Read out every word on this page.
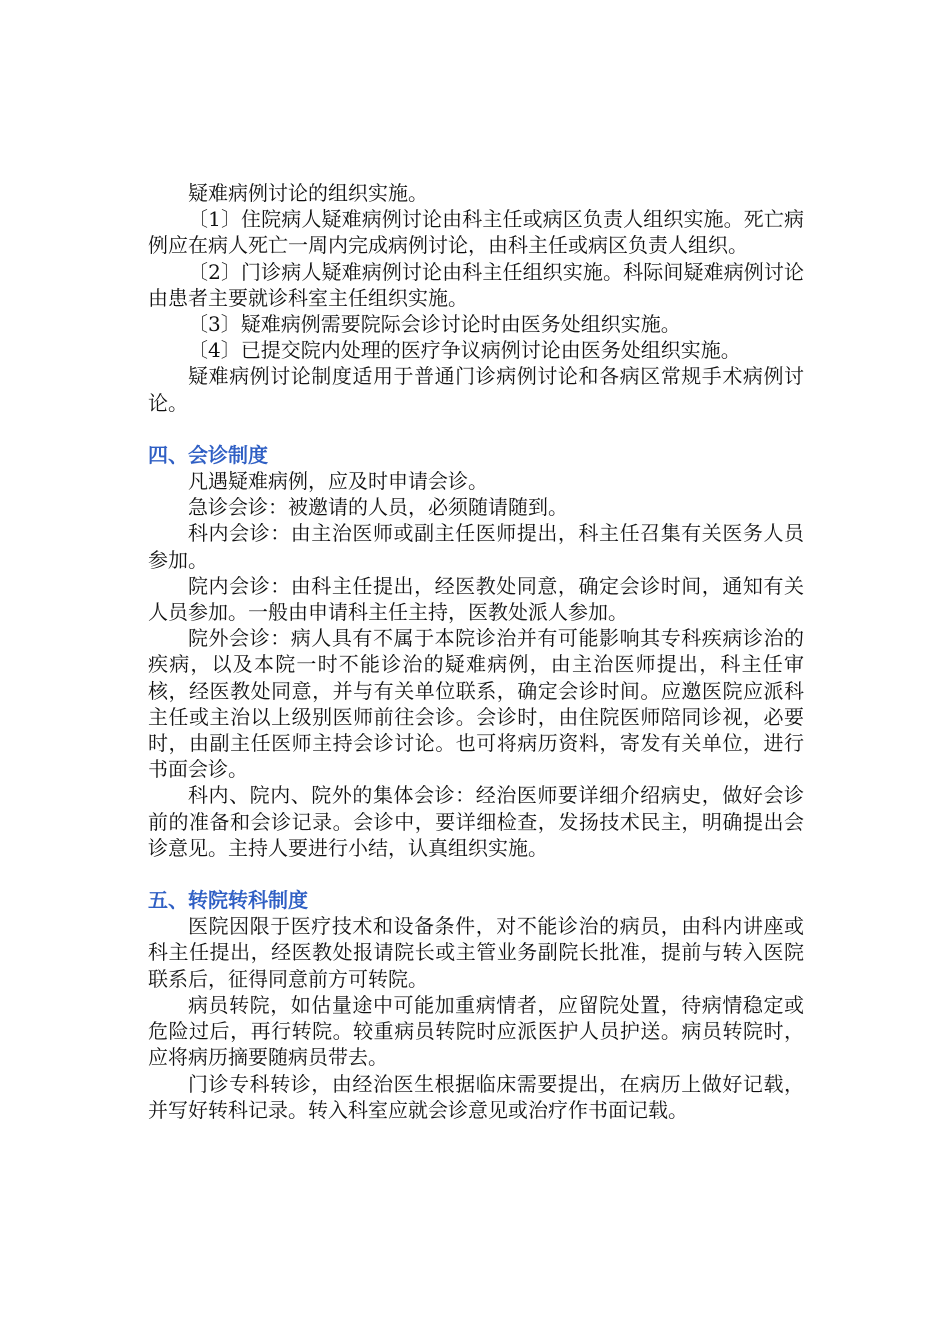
疑难病例讨论的组织实施。

〔1〕住院病人疑难病例讨论由科主任或病区负责人组织实施。死亡病例应在病人死亡一周内完成病例讨论，由科主任或病区负责人组织。

〔2〕门诊病人疑难病例讨论由科主任组织实施。科际间疑难病例讨论由患者主要就诊科室主任组织实施。

〔3〕疑难病例需要院际会诊讨论时由医务处组织实施。

〔4〕已提交院内处理的医疗争议病例讨论由医务处组织实施。

疑难病例讨论制度适用于普通门诊病例讨论和各病区常规手术病例讨论。

四、会诊制度

凡遇疑难病例，应及时申请会诊。

急诊会诊：被邀请的人员，必须随请随到。

科内会诊：由主治医师或副主任医师提出，科主任召集有关医务人员参加。

院内会诊：由科主任提出，经医教处同意，确定会诊时间，通知有关人员参加。一般由申请科主任主持，医教处派人参加。

院外会诊：病人具有不属于本院诊治并有可能影响其专科疾病诊治的疾病，以及本院一时不能诊治的疑难病例，由主治医师提出，科主任审核，经医教处同意，并与有关单位联系，确定会诊时间。应邀医院应派科主任或主治以上级别医师前往会诊。会诊时，由住院医师陪同诊视，必要时，由副主任医师主持会诊讨论。也可将病历资料，寄发有关单位，进行书面会诊。

科内、院内、院外的集体会诊：经治医师要详细介绍病史，做好会诊前的准备和会诊记录。会诊中，要详细检查，发扬技术民主，明确提出会诊意见。主持人要进行小结，认真组织实施。

五、转院转科制度

医院因限于医疗技术和设备条件，对不能诊治的病员，由科内讲座或科主任提出，经医教处报请院长或主管业务副院长批准，提前与转入医院联系后，征得同意前方可转院。

病员转院，如估量途中可能加重病情者，应留院处置，待病情稳定或危险过后，再行转院。较重病员转院时应派医护人员护送。病员转院时，应将病历摘要随病员带去。

门诊专科转诊，由经治医生根据临床需要提出，在病历上做好记载，并写好转科记录。转入科室应就会诊意见或治疗作书面记载。
